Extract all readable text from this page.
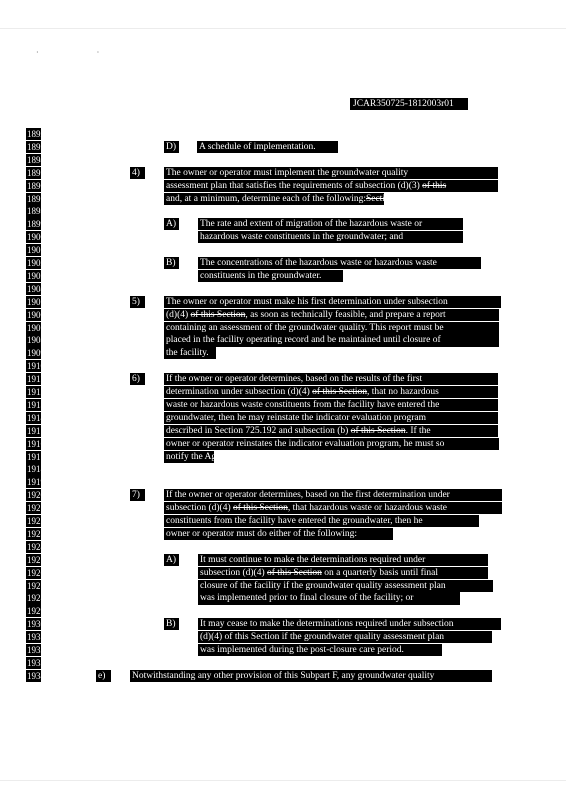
· ·
JCAR350725-1812003r01
1892
1893	D)	A schedule of implementation.
1894
1895	4)	The owner or operator must implement the groundwater quality
1896	assessment plan that satisfies the requirements of subsection (d)(3) of this
1897	and, at a minimum, determine each of the following:Section
1898
1899	A)	The rate and extent of migration of the hazardous waste or
1900	hazardous waste constituents in the groundwater; and
1901
1902	B)	The concentrations of the hazardous waste or hazardous waste
1903	constituents in the groundwater.
1904
1905	5)	The owner or operator must make his first determination under subsection
1906	(d)(4) of this Section, as soon as technically feasible, and prepare a report
1907	containing an assessment of the groundwater quality. This report must be
1908	placed in the facility operating record and be maintained until closure of
1909	the facility.
1910
1911	6)	If the owner or operator determines, based on the results of the first
1912	determination under subsection (d)(4) of this Section, that no hazardous
1913	waste or hazardous waste constituents from the facility have entered the
1914	groundwater, then he may reinstate the indicator evaluation program
1915	described in Section 725.192 and subsection (b) of this Section. If the
1916	owner or operator reinstates the indicator evaluation program, he must so
1917	notify the Agency in the report submitted under subsection (d)(5) of this
1918
1919
1920	7)	If the owner or operator determines, based on the first determination under
1921	subsection (d)(4) of this Section, that hazardous waste or hazardous waste
1922	constituents from the facility have entered the groundwater, then he
1923	owner or operator must do either of the following:
1924
1925	A)	It must continue to make the determinations required under
1926	subsection (d)(4) of this Section on a quarterly basis until final
1927	closure of the facility if the groundwater quality assessment plan
1928	was implemented prior to final closure of the facility; or
1929
1930	B)	It may cease to make the determinations required under subsection
1931	(d)(4) of this Section if the groundwater quality assessment plan
1932	was implemented during the post-closure care period.
1933
1934	e)	Notwithstanding any other provision of this Subpart F, any groundwater quality
